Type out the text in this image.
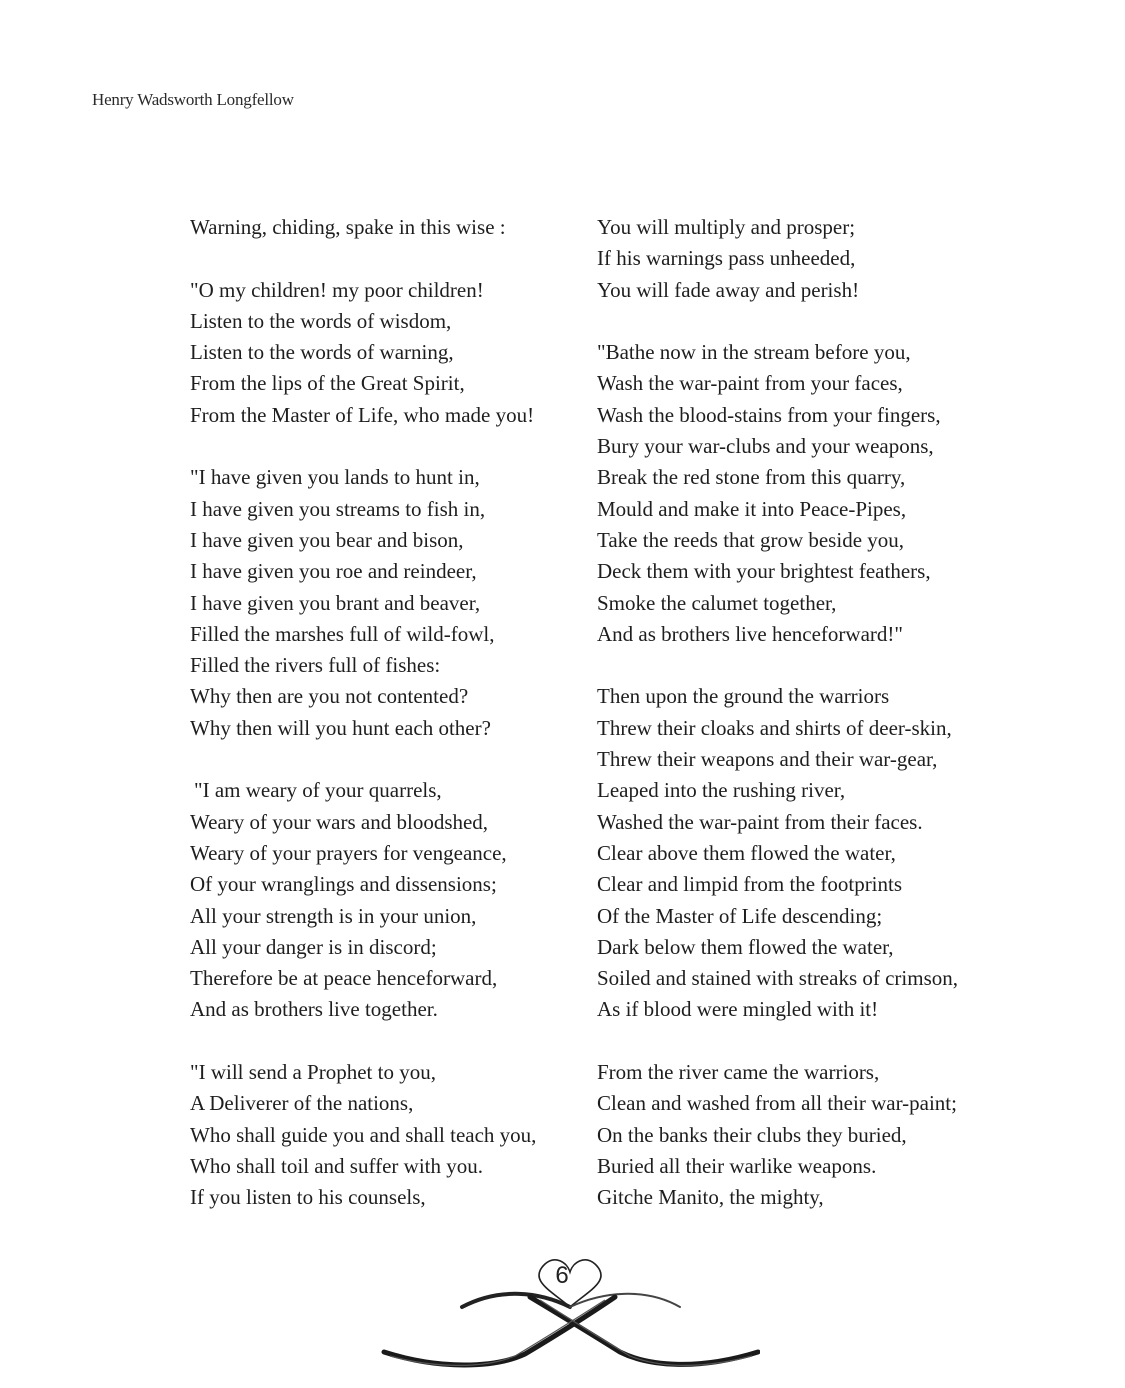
Henry Wadsworth Longfellow
Warning, chiding, spake in this wise :
"O my children! my poor children!
Listen to the words of wisdom,
Listen to the words of warning,
From the lips of the Great Spirit,
From the Master of Life, who made you!
"I have given you lands to hunt in,
I have given you streams to fish in,
I have given you bear and bison,
I have given you roe and reindeer,
I have given you brant and beaver,
Filled the marshes full of wild-fowl,
Filled the rivers full of fishes:
Why then are you not contented?
Why then will you hunt each other?
"I am weary of your quarrels,
Weary of your wars and bloodshed,
Weary of your prayers for vengeance,
Of your wranglings and dissensions;
All your strength is in your union,
All your danger is in discord;
Therefore be at peace henceforward,
And as brothers live together.
"I will send a Prophet to you,
A Deliverer of the nations,
Who shall guide you and shall teach you,
Who shall toil and suffer with you.
If you listen to his counsels,
You will multiply and prosper;
If his warnings pass unheeded,
You will fade away and perish!
"Bathe now in the stream before you,
Wash the war-paint from your faces,
Wash the blood-stains from your fingers,
Bury your war-clubs and your weapons,
Break the red stone from this quarry,
Mould and make it into Peace-Pipes,
Take the reeds that grow beside you,
Deck them with your brightest feathers,
Smoke the calumet together,
And as brothers live henceforward!"
Then upon the ground the warriors
Threw their cloaks and shirts of deer-skin,
Threw their weapons and their war-gear,
Leaped into the rushing river,
Washed the war-paint from their faces.
Clear above them flowed the water,
Clear and limpid from the footprints
Of the Master of Life descending;
Dark below them flowed the water,
Soiled and stained with streaks of crimson,
As if blood were mingled with it!
From the river came the warriors,
Clean and washed from all their war-paint;
On the banks their clubs they buried,
Buried all their warlike weapons.
Gitche Manito, the mighty,
6
